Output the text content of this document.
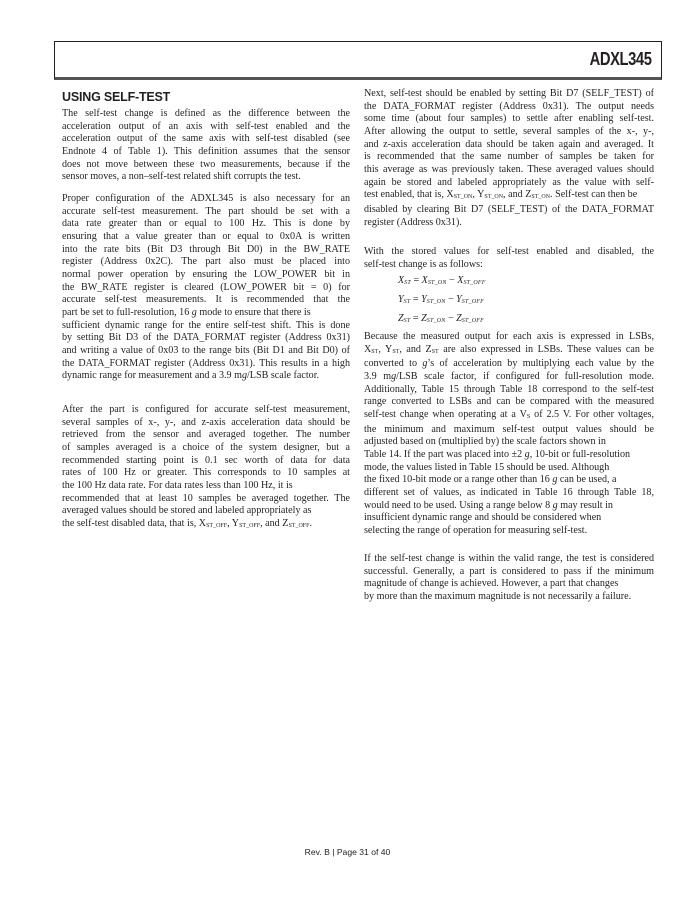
ADXL345
USING SELF-TEST
The self-test change is defined as the difference between the
acceleration output of an axis with self-test enabled and the
acceleration output of the same axis with self-test disabled (see
Endnote 4 of Table 1). This definition assumes that the sensor
does not move between these two measurements, because if the
sensor moves, a non–self-test related shift corrupts the test.
Proper configuration of the ADXL345 is also necessary for an
accurate self-test measurement. The part should be set with a
data rate greater than or equal to 100 Hz. This is done by
ensuring that a value greater than or equal to 0x0A is written
into the rate bits (Bit D3 through Bit D0) in the BW_RATE
register (Address 0x2C). The part also must be placed into
normal power operation by ensuring the LOW_POWER bit in
the BW_RATE register is cleared (LOW_POWER bit = 0) for
accurate self-test measurements. It is recommended that the
part be set to full-resolution, 16 g mode to ensure that there is
sufficient dynamic range for the entire self-test shift. This is done
by setting Bit D3 of the DATA_FORMAT register (Address 0x31)
and writing a value of 0x03 to the range bits (Bit D1 and Bit D0) of
the DATA_FORMAT register (Address 0x31). This results in a high
dynamic range for measurement and a 3.9 mg/LSB scale factor.
After the part is configured for accurate self-test measurement,
several samples of x-, y-, and z-axis acceleration data should be
retrieved from the sensor and averaged together. The number
of samples averaged is a choice of the system designer, but a
recommended starting point is 0.1 sec worth of data for data
rates of 100 Hz or greater. This corresponds to 10 samples at
the 100 Hz data rate. For data rates less than 100 Hz, it is
recommended that at least 10 samples be averaged together. The
averaged values should be stored and labeled appropriately as
the self-test disabled data, that is, XST_OFF, YST_OFF, and ZST_OFF.
Next, self-test should be enabled by setting Bit D7 (SELF_TEST) of
the DATA_FORMAT register (Address 0x31). The output needs
some time (about four samples) to settle after enabling self-test.
After allowing the output to settle, several samples of the x-, y-,
and z-axis acceleration data should be taken again and averaged. It
is recommended that the same number of samples be taken for
this average as was previously taken. These averaged values should
again be stored and labeled appropriately as the value with self-
test enabled, that is, XST_ON, YST_ON, and ZST_ON. Self-test can then be
disabled by clearing Bit D7 (SELF_TEST) of the DATA_FORMAT
register (Address 0x31).
With the stored values for self-test enabled and disabled, the
self-test change is as follows:
XST = XST_ON − XST_OFF
YST = YST_ON − YST_OFF
ZST = ZST_ON − ZST_OFF
Because the measured output for each axis is expressed in LSBs,
XST, YST, and ZST are also expressed in LSBs. These values can be
converted to g’s of acceleration by multiplying each value by the
3.9 mg/LSB scale factor, if configured for full-resolution mode.
Additionally, Table 15 through Table 18 correspond to the self-test
range converted to LSBs and can be compared with the measured
self-test change when operating at a VS of 2.5 V. For other voltages,
the minimum and maximum self-test output values should be
adjusted based on (multiplied by) the scale factors shown in
Table 14. If the part was placed into ±2 g, 10-bit or full-resolution
mode, the values listed in Table 15 should be used. Although
the fixed 10-bit mode or a range other than 16 g can be used, a
different set of values, as indicated in Table 16 through Table 18,
would need to be used. Using a range below 8 g may result in
insufficient dynamic range and should be considered when
selecting the range of operation for measuring self-test.
If the self-test change is within the valid range, the test is considered
successful. Generally, a part is considered to pass if the minimum
magnitude of change is achieved. However, a part that changes
by more than the maximum magnitude is not necessarily a failure.
Rev. B | Page 31 of 40
